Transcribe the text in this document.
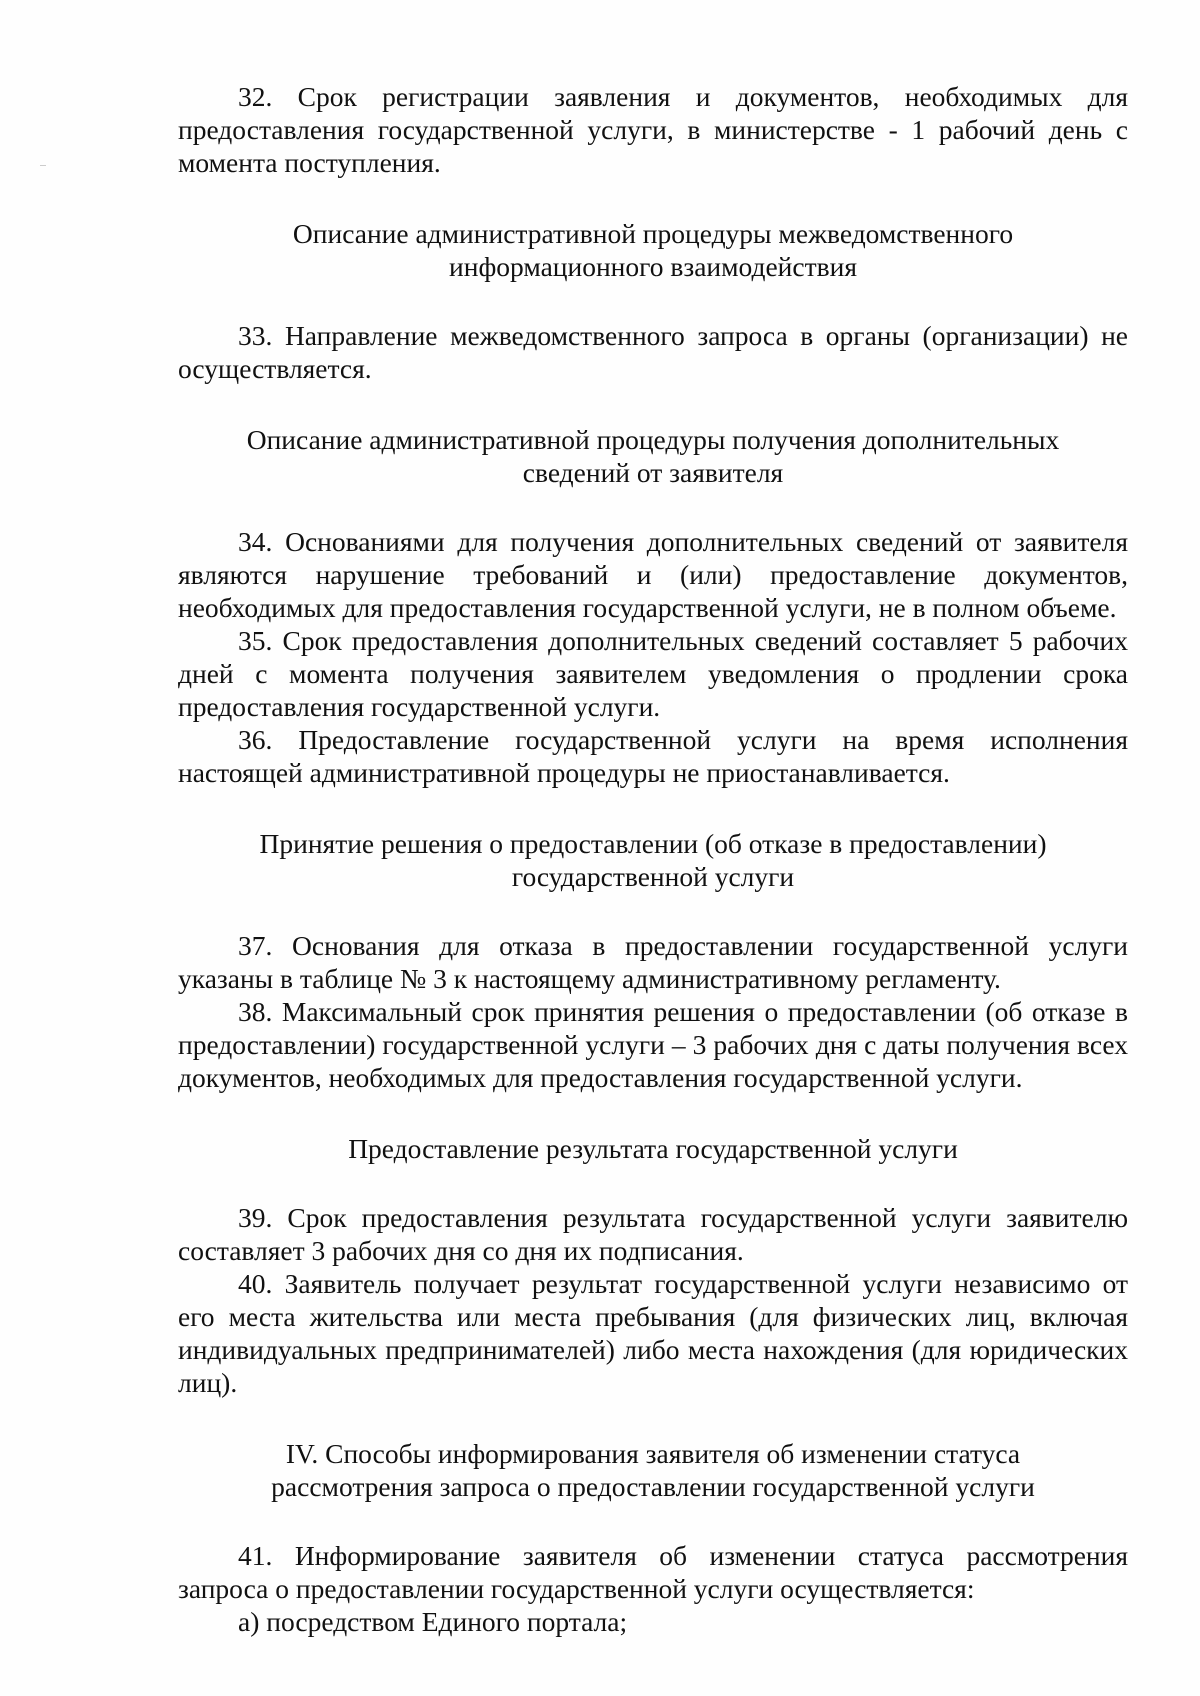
32. Срок регистрации заявления и документов, необходимых для предоставления государственной услуги, в министерстве - 1 рабочий день с момента поступления.

Описание административной процедуры межведомственного информационного взаимодействия

33. Направление межведомственного запроса в органы (организации) не осуществляется.

Описание административной процедуры получения дополнительных сведений от заявителя

34. Основаниями для получения дополнительных сведений от заявителя являются нарушение требований и (или) предоставление документов, необходимых для предоставления государственной услуги, не в полном объеме.

35. Срок предоставления дополнительных сведений составляет 5 рабочих дней с момента получения заявителем уведомления о продлении срока предоставления государственной услуги.

36. Предоставление государственной услуги на время исполнения настоящей административной процедуры не приостанавливается.

Принятие решения о предоставлении (об отказе в предоставлении) государственной услуги

37. Основания для отказа в предоставлении государственной услуги указаны в таблице № 3 к настоящему административному регламенту.

38. Максимальный срок принятия решения о предоставлении (об отказе в предоставлении) государственной услуги – 3 рабочих дня с даты получения всех документов, необходимых для предоставления государственной услуги.

Предоставление результата государственной услуги

39. Срок предоставления результата государственной услуги заявителю составляет 3 рабочих дня со дня их подписания.

40. Заявитель получает результат государственной услуги независимо от его места жительства или места пребывания (для физических лиц, включая индивидуальных предпринимателей) либо места нахождения (для юридических лиц).

IV. Способы информирования заявителя об изменении статуса рассмотрения запроса о предоставлении государственной услуги

41. Информирование заявителя об изменении статуса рассмотрения запроса о предоставлении государственной услуги осуществляется:

а) посредством Единого портала;
